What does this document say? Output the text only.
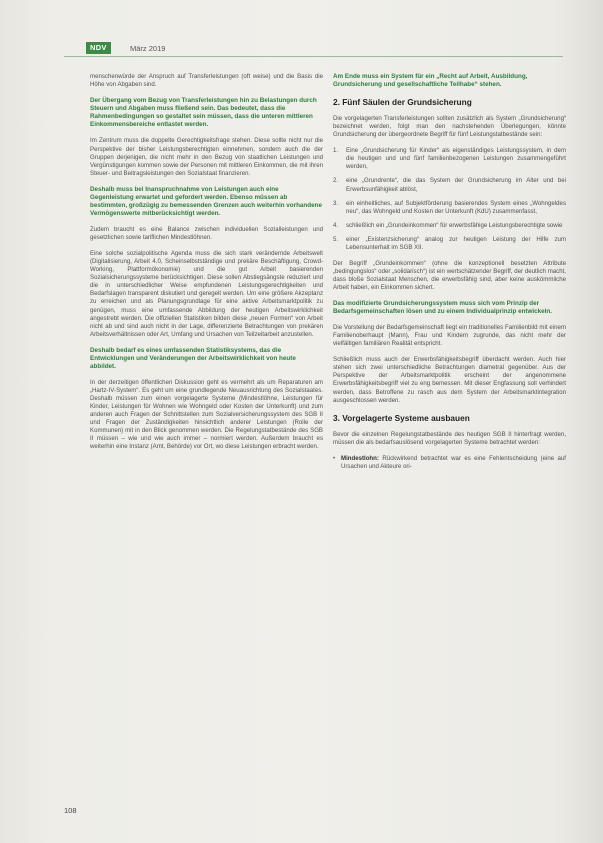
NDV	März 2019
menschenwürde der Anspruch auf Transferleistungen (oft weise) und die Basis die Höhe von Abgaben sind.
Der Übergang vom Bezug von Transferleistungen hin zu Belastungen durch Steuern und Abgaben muss fließend sein. Das bedeutet, dass die Rahmenbedingungen so gestaltet sein müssen, dass die unteren mittleren Einkommensbereiche entlastet werden.
Im Zentrum muss die doppelte Gerechtigkeitsfrage stehen. Diese sollte nicht nur die Perspektive der bisher Leistungsberechtigten einnehmen, sondern auch die der Gruppen derjenigen, die nicht mehr in den Bezug von staatlichen Leistungen und Vergünstigungen kommen sowie der Personen mit mittleren Einkommen, die mit ihren Steuer- und Beitragsleistungen den Sozialstaat finanzieren.
Deshalb muss bei Inanspruchnahme von Leistungen auch eine Gegenleistung erwartet und gefordert werden. Ebenso müssen ab bestimmten, großzügig zu bemessenden Grenzen auch weiterhin vorhandene Vermögenswerte mitberücksichtigt werden.
Zudem braucht es eine Balance zwischen individuellen Sozialleistungen und gesetzlichen sowie tariflichen Mindestlöhnen.
Eine solche sozialpolitische Agenda muss die sich stark verändernde Arbeitswelt (Digitalisierung, Arbeit 4.0, Scheinselbstständige und prekäre Beschäftigung, Crowd-Working, Plattformökonomie) und die gut Arbeit basierenden Sozialsicherungssysteme berücksichtigen. Diese sollen Abstiegsängste reduziert und die in unterschiedlicher Weise empfundenen Leistungsgerechtigkeiten und Bedarfslagen transparent diskutiert und geregelt werden. Um eine größere Akzeptanz zu erreichen und als Planungsgrundlage für eine aktive Arbeitsmarktpolitik zu genügen, muss eine umfassende Abbildung der heutigen Arbeitswirklichkeit angestrebt werden. Die offiziellen Statistiken bilden diese „neuen Formen“ von Arbeit nicht ab und sind auch nicht in der Lage, differenzierte Betrachtungen von prekären Arbeitsverhältnissen oder Art, Umfang und Ursachen von Teilzeitarbeit anzustellen.
Deshalb bedarf es eines umfassenden Statistiksystems, das die Entwicklungen und Veränderungen der Arbeitswirklichkeit von heute abbildet.
In der derzeitigen öffentlichen Diskussion geht es vermehrt als um Reparaturen am „Hartz-IV-System“. Es geht um eine grundlegende Neuausrichtung des Sozialstaates. Deshalb müssen zum einen vorgelagerte Systeme (Mindestlöhne, Leistungen für Kinder, Leistungen für Wohnen wie Wohngeld oder Kosten der Unterkunft) und zum anderen auch Fragen der Schnittstellen zum Sozialversicherungssystem des SGB II und Fragen der Zuständigkeiten hinsichtlich anderer Leistungen (Rolle der Kommunen) mit in den Blick genommen werden. Die Regelungstatbestände des SGB II müssen – wie und wie auch immer – normiert werden. Außerdem braucht es weiterhin eine Instanz (Amt, Behörde) vor Ort, wo diese Leistungen erbracht werden.
Am Ende muss ein System für ein „Recht auf Arbeit, Ausbildung, Grundsicherung und gesellschaftliche Teilhabe“ stehen.
2. Fünf Säulen der Grundsicherung
Die vorgelagerten Transferleistungen sollten zusätzlich als System „Grundsicherung“ bezeichnet werden, folgt man den nachstehenden Überlegungen, könnte Grundsicherung der übergeordnete Begriff für fünf Leistungstatbestände sein:
1.	Eine „Grundsicherung für Kinder“ als eigenständiges Leistungssystem, in dem die heutigen und und fünf familienbezogenen Leistungen zusammengeführt werden,
2.	eine „Grundrente“, die das System der Grundsicherung im Alter und bei Erwerbsunfähigkeit ablöst,
3.	ein einheitliches, auf Subjektförderung basierendes System eines „Wohngeldes neu“, das Wohngeld und Kosten der Unterkunft (KdU) zusammenfasst,
4.	schließlich ein „Grundeinkommen“ für erwerbsfähige Leistungsberechtigte sowie
5.	einer „Existenzsicherung“ analog zur heutigen Leistung der Hilfe zum Lebensunterhalt im SGB XII.
Der Begriff „Grundeinkommen“ (ohne die konzeptionell besetzten Attribute „bedingungslos“ oder „solidarisch“) ist ein wertschätzender Begriff, der deutlich macht, dass bloße Sozialstaat Menschen, die erwerbsfähig sind, aber keine auskömmliche Arbeit haben, ein Einkommen sichert.
Das modifizierte Grundsicherungssystem muss sich vom Prinzip der Bedarfsgemeinschaften lösen und zu einem Individualprinzip entwickeln.
Die Vorstellung der Bedarfsgemeinschaft liegt ein traditionelles Familienbild mit einem Familienoberhaupt (Mann), Frau und Kindern zugrunde, das nicht mehr der vielfältigen familiären Realität entspricht.
Schließlich muss auch der Erwerbsfähigkeitsbegriff überdacht werden. Auch hier stehen sich zwei unterschiedliche Betrachtungen diametral gegenüber. Aus der Perspektive der Arbeitsmarktpolitik erscheint der angenommene Erwerbsfähigkeitsbegriff viel zu eng bemessen. Mit dieser Engfassung soll verhindert werden, dass Betroffene zu rasch aus dem System der Arbeitsmarktintegration ausgeschlossen werden.
3. Vorgelagerte Systeme ausbauen
Bevor die einzelnen Regelungstatbestände des heutigen SGB II hinterfragt werden, müssen die als bedarfsauslösend vorgelagerten Systeme betrachtet werden:
• Mindestlohn: Rückwirkend betrachtet war es eine Fehlentscheidung (eine auf Ursachen und Akteure ori-
108
